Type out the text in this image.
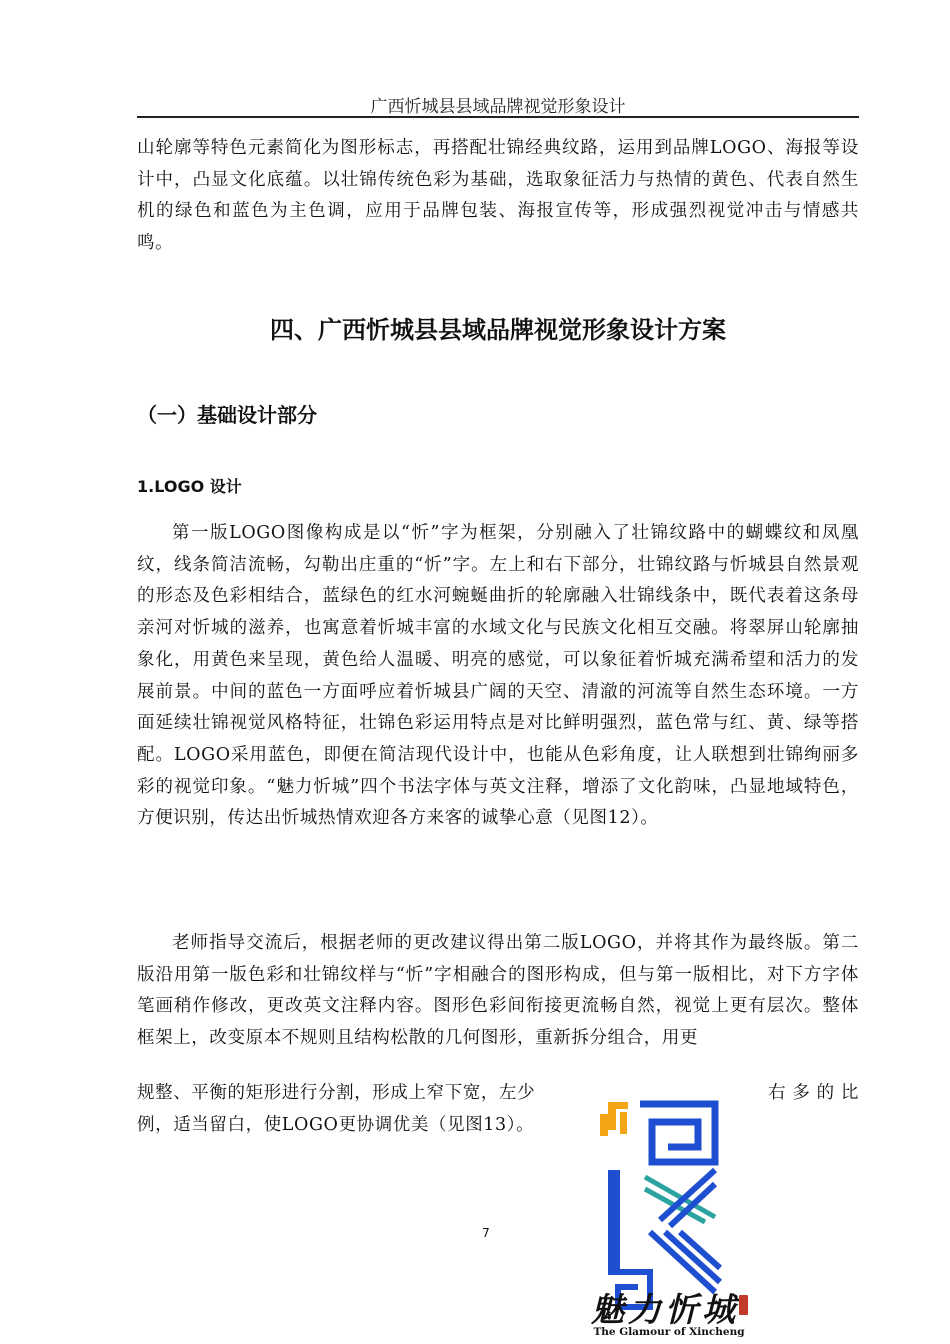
广西忻城县县域品牌视觉形象设计

山轮廓等特色元素简化为图形标志，再搭配壮锦经典纹路，运用到品牌LOGO、海报等设计中，凸显文化底蕴。以壮锦传统色彩为基础，选取象征活力与热情的黄色、代表自然生机的绿色和蓝色为主色调，应用于品牌包装、海报宣传等，形成强烈视觉冲击与情感共鸣。

四、广西忻城县县域品牌视觉形象设计方案
（一）基础设计部分
1.LOGO 设计

第一版LOGO图像构成是以“忻”字为框架，分别融入了壮锦纹路中的蝴蝶纹和凤凰纹，线条简洁流畅，勾勒出庄重的“忻”字。左上和右下部分，壮锦纹路与忻城县自然景观的形态及色彩相结合，蓝绿色的红水河蜿蜒曲折的轮廓融入壮锦线条中，既代表着这条母亲河对忻城的滋养，也寓意着忻城丰富的水域文化与民族文化相互交融。将翠屏山轮廓抽象化，用黄色来呈现，黄色给人温暖、明亮的感觉，可以象征着忻城充满希望和活力的发展前景。中间的蓝色一方面呼应着忻城县广阔的天空、清澈的河流等自然生态环境。一方面延续壮锦视觉风格特征，壮锦色彩运用特点是对比鲜明强烈，蓝色常与红、黄、绿等搭配。LOGO采用蓝色，即便在简洁现代设计中，也能从色彩角度，让人联想到壮锦绚丽多彩的视觉印象。“魅力忻城”四个书法字体与英文注释，增添了文化韵味，凸显地域特色，方便识别，传达出忻城热情欢迎各方来客的诚挚心意（见图12）。

老师指导交流后，根据老师的更改建议得出第二版LOGO，并将其作为最终版。第二版沿用第一版色彩和壮锦纹样与“忻”字相融合的图形构成，但与第一版相比，对下方字体笔画稍作修改，更改英文注释内容。图形色彩间衔接更流畅自然，视觉上更有层次。整体框架上，改变原本不规则且结构松散的几何图形，重新拆分组合，用更

规整、平衡的矩形进行分割，形成上窄下宽，左少	右 多 的 比

例，适当留白，使LOGO更协调优美（见图13）。

7
魅力忻城
The Glamour of Xincheng
